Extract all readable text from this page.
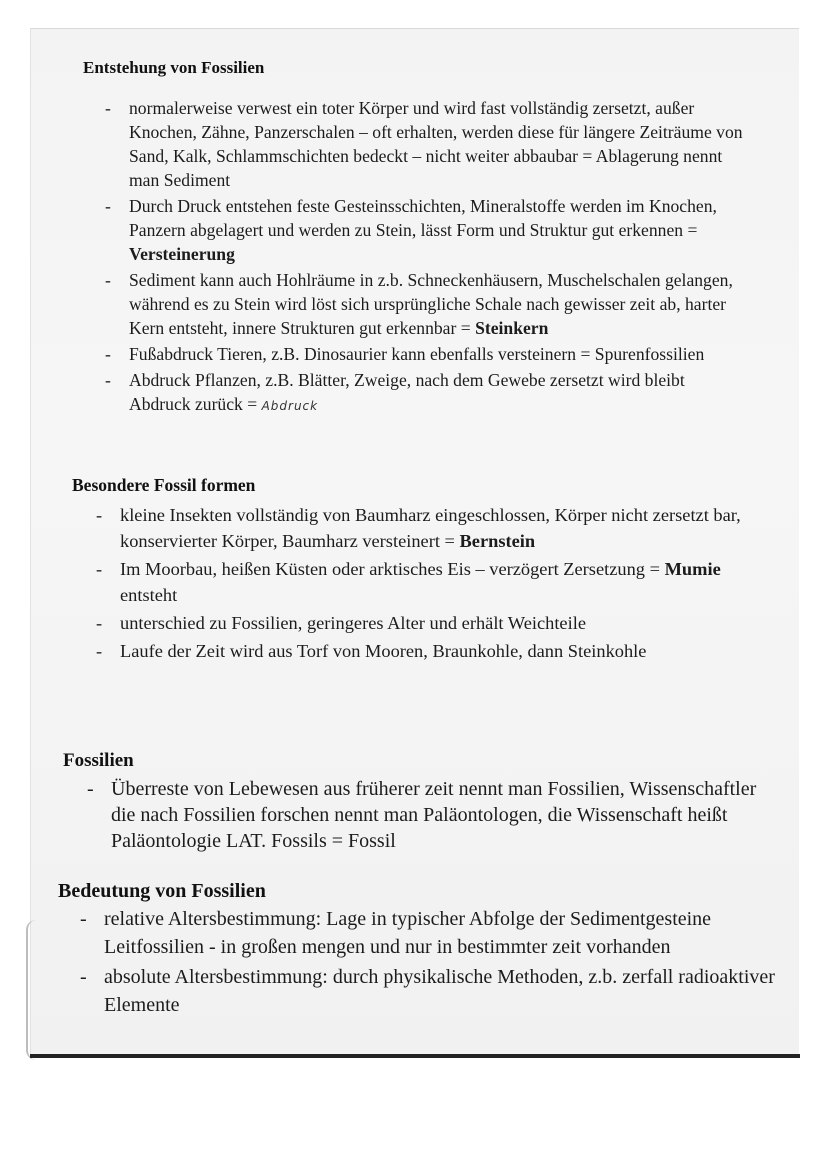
Entstehung von Fossilien
- normalerweise verwest ein toter Körper und wird fast vollständig zersetzt, außer Knochen, Zähne, Panzerschalen – oft erhalten, werden diese für längere Zeiträume von Sand, Kalk, Schlammschichten bedeckt – nicht weiter abbaubar = Ablagerung nennt man Sediment
- Durch Druck entstehen feste Gesteinsschichten, Mineralstoffe werden im Knochen, Panzern abgelagert und werden zu Stein, lässt Form und Struktur gut erkennen = Versteinerung
- Sediment kann auch Hohlräume in z.b. Schneckenhäusern, Muschelschalen gelangen, während es zu Stein wird löst sich ursprüngliche Schale nach gewisser zeit ab, harter Kern entsteht, innere Strukturen gut erkennbar = Steinkern
- Fußabdruck Tieren, z.B. Dinosaurier kann ebenfalls versteinern = Spurenfossilien
- Abdruck Pflanzen, z.B. Blätter, Zweige, nach dem Gewebe zersetzt wird bleibt Abdruck zurück = Abdruck
Besondere Fossil formen
- kleine Insekten vollständig von Baumharz eingeschlossen, Körper nicht zersetzt bar, konservierter Körper, Baumharz versteinert = Bernstein
- Im Moorbau, heißen Küsten oder arktisches Eis – verzögert Zersetzung = Mumie entsteht
- unterschied zu Fossilien, geringeres Alter und erhält Weichteile
- Laufe der Zeit wird aus Torf von Mooren, Braunkohle, dann Steinkohle
Fossilien
- Überreste von Lebewesen aus früherer zeit nennt man Fossilien, Wissenschaftler die nach Fossilien forschen nennt man Paläontologen, die Wissenschaft heißt Paläontologie LAT. Fossils = Fossil
Bedeutung von Fossilien
- relative Altersbestimmung: Lage in typischer Abfolge der Sedimentgesteine Leitfossilien - in großen mengen und nur in bestimmter zeit vorhanden
- absolute Altersbestimmung: durch physikalische Methoden, z.b. zerfall radioaktiver Elemente
